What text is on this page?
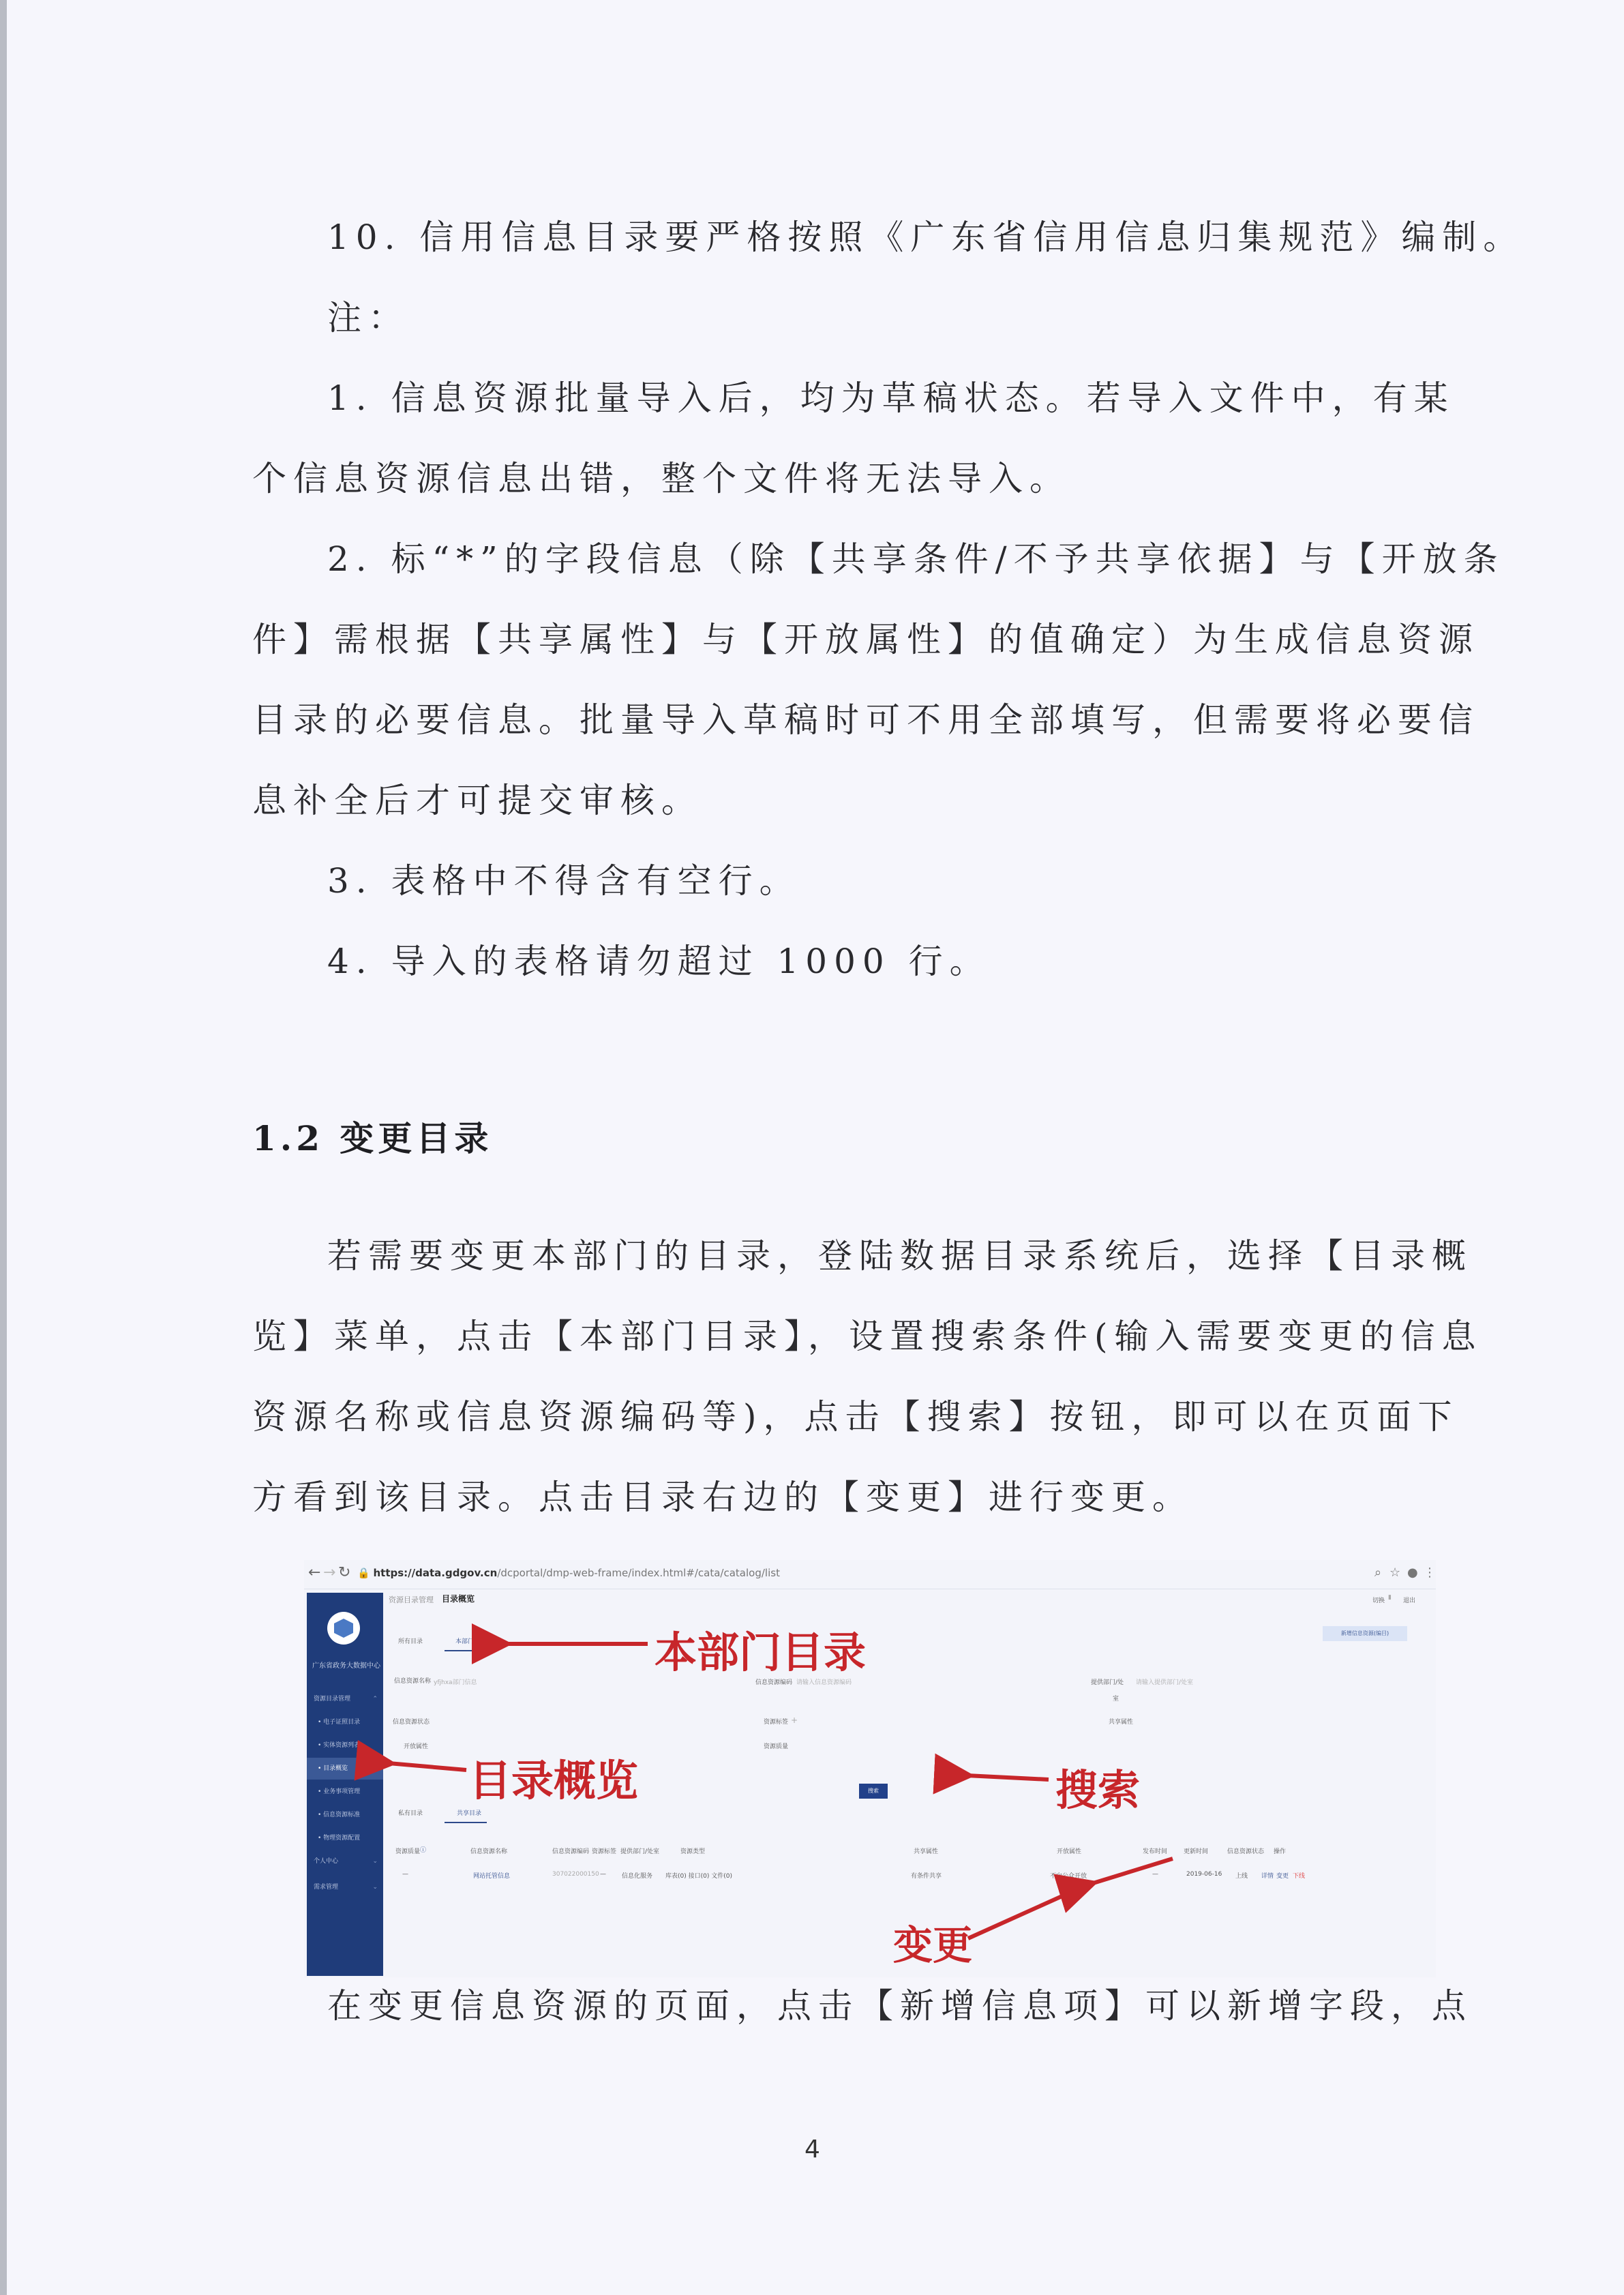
10. 信用信息目录要严格按照《广东省信用信息归集规范》编制。
注：
1. 信息资源批量导入后，均为草稿状态。若导入文件中，有某
个信息资源信息出错，整个文件将无法导入。
2. 标“*”的字段信息（除【共享条件/不予共享依据】与【开放条
件】需根据【共享属性】与【开放属性】的值确定）为生成信息资源
目录的必要信息。批量导入草稿时可不用全部填写，但需要将必要信
息补全后才可提交审核。
3. 表格中不得含有空行。
4. 导入的表格请勿超过 1000 行。
1.2 变更目录
若需要变更本部门的目录，登陆数据目录系统后，选择【目录概
览】菜单，点击【本部门目录】，设置搜索条件(输入需要变更的信息
资源名称或信息资源编码等)，点击【搜索】按钮，即可以在页面下
方看到该目录。点击目录右边的【变更】进行变更。
← → ↻ 🔒 https://data.gdgov.cn/dcportal/dmp-web-frame/index.html#/cata/catalog/list	⌕ ☆ ● ⋮
广东省政务大数据中心
资源目录管理	⌃
• 电子证照目录
• 实体资源列表
• 目录概览
• 业务事项管理
• 信息资源标准
• 物理资源配置
个人中心	⌄
需求管理	⌄
资源目录管理 目录概览	切换 ▮ 退出
所有目录	本部门目录
新增信息资源(编目)
信息资源名称 yfjhxa部门信息	信息资源编码 请输入信息资源编码	提供部门/处
室
请输入提供部门/处室
信息资源状态	资源标签 +	共享属性
开放属性	资源质量
搜索
私有目录	共享目录
资源质量 ⓘ	信息资源名称	信息资源编码 资源标签 提供部门/处室	资源类型	共享属性	开放属性	发布时间	更新时间	信息资源状态 操作
—	网站托管信息	307022000150 —	信息化服务 库表(0) 接口(0) 文件(0)	有条件共享	不向公众开放	—	2019-06-16 上线 详情 变更 下线
本部门目录
目录概览	搜索
变更
在变更信息资源的页面，点击【新增信息项】可以新增字段，点
4
